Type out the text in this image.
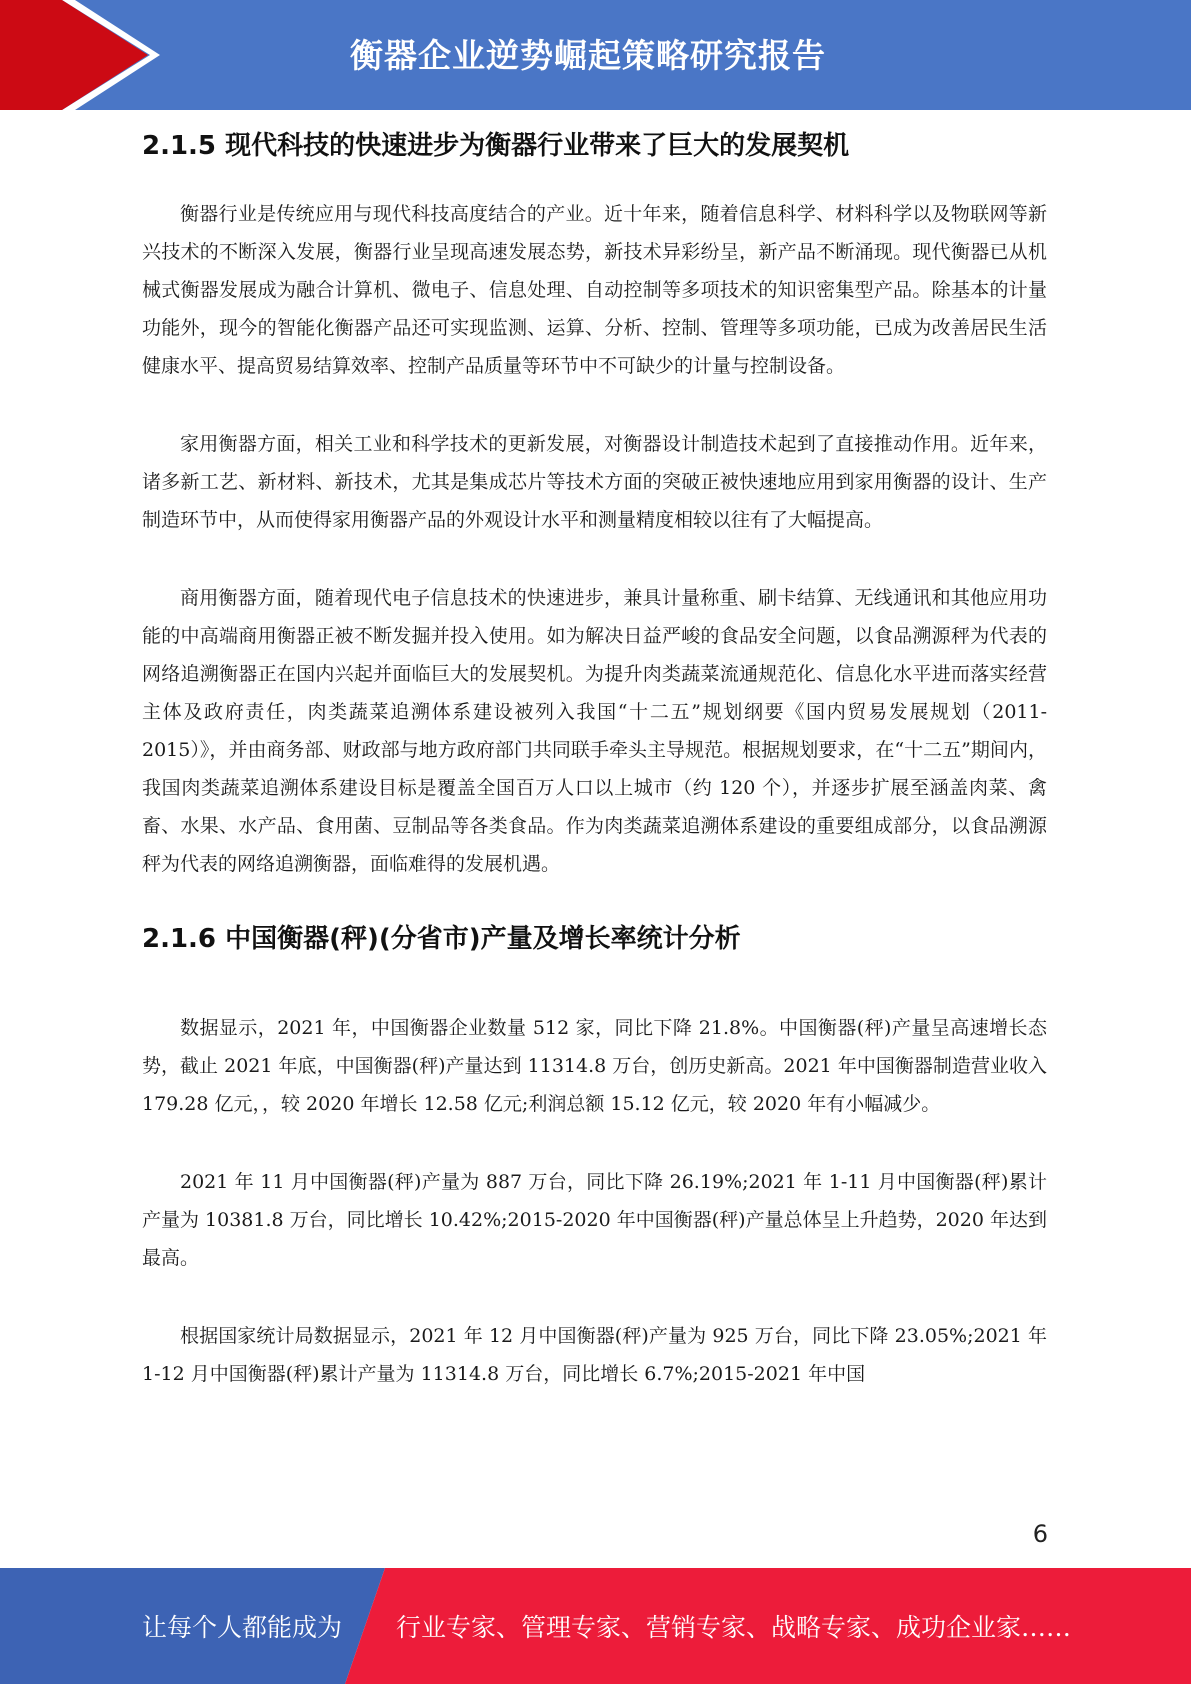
衡器企业逆势崛起策略研究报告
2.1.5 现代科技的快速进步为衡器行业带来了巨大的发展契机

衡器行业是传统应用与现代科技高度结合的产业。近十年来，随着信息科学、材料科学以及物联网等新兴技术的不断深入发展，衡器行业呈现高速发展态势，新技术异彩纷呈，新产品不断涌现。现代衡器已从机械式衡器发展成为融合计算机、微电子、信息处理、自动控制等多项技术的知识密集型产品。除基本的计量功能外，现今的智能化衡器产品还可实现监测、运算、分析、控制、管理等多项功能，已成为改善居民生活健康水平、提高贸易结算效率、控制产品质量等环节中不可缺少的计量与控制设备。

家用衡器方面，相关工业和科学技术的更新发展，对衡器设计制造技术起到了直接推动作用。近年来，诸多新工艺、新材料、新技术，尤其是集成芯片等技术方面的突破正被快速地应用到家用衡器的设计、生产制造环节中，从而使得家用衡器产品的外观设计水平和测量精度相较以往有了大幅提高。

商用衡器方面，随着现代电子信息技术的快速进步，兼具计量称重、刷卡结算、无线通讯和其他应用功能的中高端商用衡器正被不断发掘并投入使用。如为解决日益严峻的食品安全问题，以食品溯源秤为代表的网络追溯衡器正在国内兴起并面临巨大的发展契机。为提升肉类蔬菜流通规范化、信息化水平进而落实经营主体及政府责任，肉类蔬菜追溯体系建设被列入我国“十二五”规划纲要《国内贸易发展规划（2011-2015）》，并由商务部、财政部与地方政府部门共同联手牵头主导规范。根据规划要求，在“十二五”期间内，我国肉类蔬菜追溯体系建设目标是覆盖全国百万人口以上城市（约 120 个），并逐步扩展至涵盖肉菜、禽畜、水果、水产品、食用菌、豆制品等各类食品。作为肉类蔬菜追溯体系建设的重要组成部分，以食品溯源秤为代表的网络追溯衡器，面临难得的发展机遇。

2.1.6 中国衡器(秤)(分省市)产量及增长率统计分析

数据显示，2021 年，中国衡器企业数量 512 家，同比下降 21.8%。中国衡器(秤)产量呈高速增长态势，截止 2021 年底，中国衡器(秤)产量达到 11314.8 万台，创历史新高。2021 年中国衡器制造营业收入 179.28 亿元，，较 2020 年增长 12.58 亿元;利润总额 15.12 亿元，较 2020 年有小幅减少。

2021 年 11 月中国衡器(秤)产量为 887 万台，同比下降 26.19%;2021 年 1-11 月中国衡器(秤)累计产量为 10381.8 万台，同比增长 10.42%;2015-2020 年中国衡器(秤)产量总体呈上升趋势，2020 年达到最高。

根据国家统计局数据显示，2021 年 12 月中国衡器(秤)产量为 925 万台，同比下降 23.05%;2021 年 1-12 月中国衡器(秤)累计产量为 11314.8 万台，同比增长 6.7%;2015-2021 年中国

6
让每个人都能成为 行业专家、管理专家、营销专家、战略专家、成功企业家……
